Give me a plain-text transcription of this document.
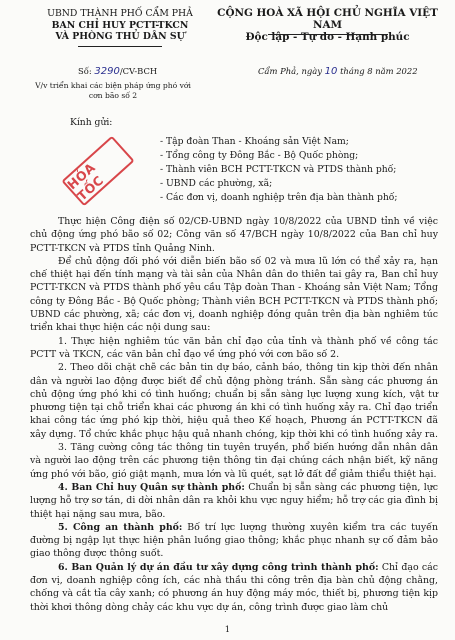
UBND THÀNH PHỐ CẨM PHẢ
BAN CHỈ HUY PCTT-TKCN
VÀ PHÒNG THỦ DÂN SỰ
CỘNG HOÀ XÃ HỘI CHỦ NGHĨA VIỆT NAM
Độc lập - Tự do - Hạnh phúc
Số: 3290/CV-BCH	Cẩm Phả, ngày 10 tháng 8 năm 2022
V/v triển khai các biện pháp ứng phó với cơn bão số 2
Kính gửi:
HỎA TỐC
- Tập đoàn Than - Khoáng sản Việt Nam;
- Tổng công ty Đông Bắc - Bộ Quốc phòng;
- Thành viên BCH PCTT-TKCN và PTDS thành phố;
- UBND các phường, xã;
- Các đơn vị, doanh nghiệp trên địa bàn thành phố;

Thực hiện Công điện số 02/CĐ-UBND ngày 10/8/2022 của UBND tỉnh về việc chủ động ứng phó bão số 02; Công văn số 47/BCH ngày 10/8/2022 của Ban chỉ huy PCTT-TKCN và PTDS tỉnh Quảng Ninh.

Để chủ động đối phó với diễn biến bão số 02 và mưa lũ lớn có thể xảy ra, hạn chế thiệt hại đến tính mạng và tài sản của Nhân dân do thiên tai gây ra, Ban chỉ huy PCTT-TKCN và PTDS thành phố yêu cầu Tập đoàn Than - Khoáng sản Việt Nam; Tổng công ty Đông Bắc - Bộ Quốc phòng; Thành viên BCH PCTT-TKCN và PTDS thành phố; UBND các phường, xã; các đơn vị, doanh nghiệp đóng quân trên địa bàn nghiêm túc triển khai thực hiện các nội dung sau:

1. Thực hiện nghiêm túc văn bản chỉ đạo của tỉnh và thành phố về công tác PCTT và TKCN, các văn bản chỉ đạo về ứng phó với cơn bão số 2.

2. Theo dõi chặt chẽ các bản tin dự báo, cảnh báo, thông tin kịp thời đến nhân dân và người lao động được biết để chủ động phòng tránh. Sẵn sàng các phương án chủ động ứng phó khi có tình huống; chuẩn bị sẵn sàng lực lượng xung kích, vật tư phương tiện tại chỗ triển khai các phương án khi có tình huống xảy ra. Chỉ đạo triển khai công tác ứng phó kịp thời, hiệu quả theo Kế hoạch, Phương án PCTT-TKCN đã xây dựng. Tổ chức khắc phục hậu quả nhanh chóng, kịp thời khi có tình huống xảy ra.

3. Tăng cường công tác thông tin tuyên truyền, phổ biến hướng dẫn nhân dân và người lao động trên các phương tiện thông tin đại chúng cách nhận biết, kỹ năng ứng phó với bão, gió giật mạnh, mưa lớn và lũ quét, sạt lở đất để giảm thiểu thiệt hại.

4. Ban Chỉ huy Quân sự thành phố: Chuẩn bị sẵn sàng các phương tiện, lực lượng hỗ trợ sơ tán, di dời nhân dân ra khỏi khu vực nguy hiểm; hỗ trợ các gia đình bị thiệt hại nặng sau mưa, bão.

5. Công an thành phố: Bố trí lực lượng thường xuyên kiểm tra các tuyến đường bị ngập lụt thực hiện phân luồng giao thông; khắc phục nhanh sự cố đảm bảo giao thông được thông suốt.

6. Ban Quản lý dự án đầu tư xây dựng công trình thành phố: Chỉ đạo các đơn vị, doanh nghiệp công ích, các nhà thầu thi công trên địa bàn chủ động chằng, chống và cắt tỉa cây xanh; có phương án huy động máy móc, thiết bị, phương tiện kịp thời khơi thông dòng chảy các khu vực dự án, công trình được giao làm chủ

1
